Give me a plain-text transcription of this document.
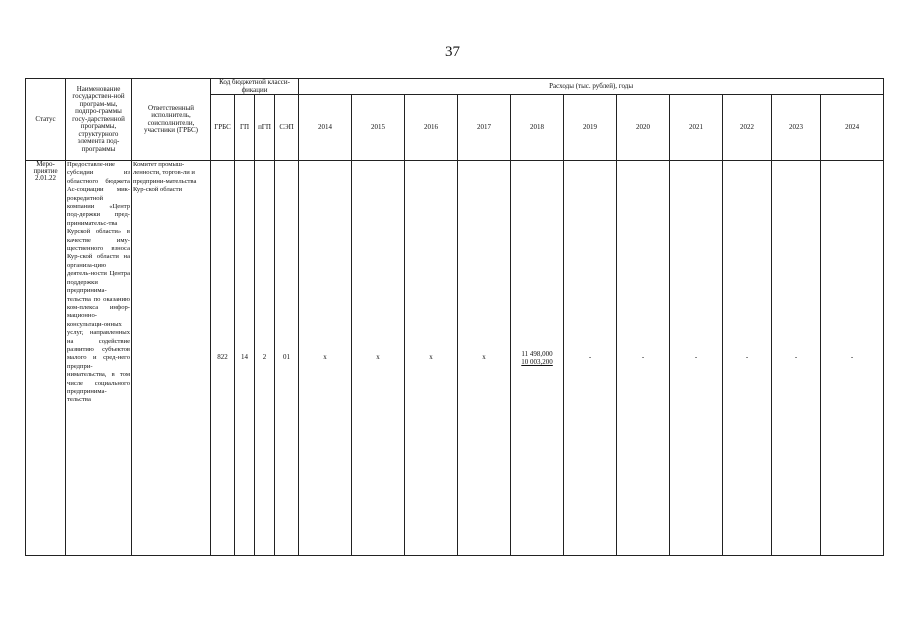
37
Статус	Наименование государствен-ной програм-мы, подпро-граммы госу-дарственной программы, структурного элемента под-программы	Ответственный исполнитель, соисполнители, участники (ГРБС)	Код бюджетной класси-фикации				Расходы (тыс. рублей), годы										
			ГРБС	ГП	пГП	СЭП	2014	2015	2016	2017	2018	2019	2020	2021	2022	2023	2024
Меро-приятие 2.01.22	Предоставле-ние субсидии из областного бюджета Ас-социации мик-рокредитной компании «Центр под-держки пред-принимательс-тва Курской области» в качестве иму-щественного взноса Кур-ской области на организа-цию деятель-ности Центра поддержки предпринима-тельства по оказанию ком-плекса инфор-мационно-консультаци-онных услуг, направленных на содействие развитию субъектов малого и сред-него предпри-нимательства, в том числе социального предпринима-тельства	Комитет промыш-ленности, торгов-ли и предприни-мательства Кур-ской области	822	14	2	01	x	x	x	x	11 498,000
10 003,200	-	-	-	-	-	-
